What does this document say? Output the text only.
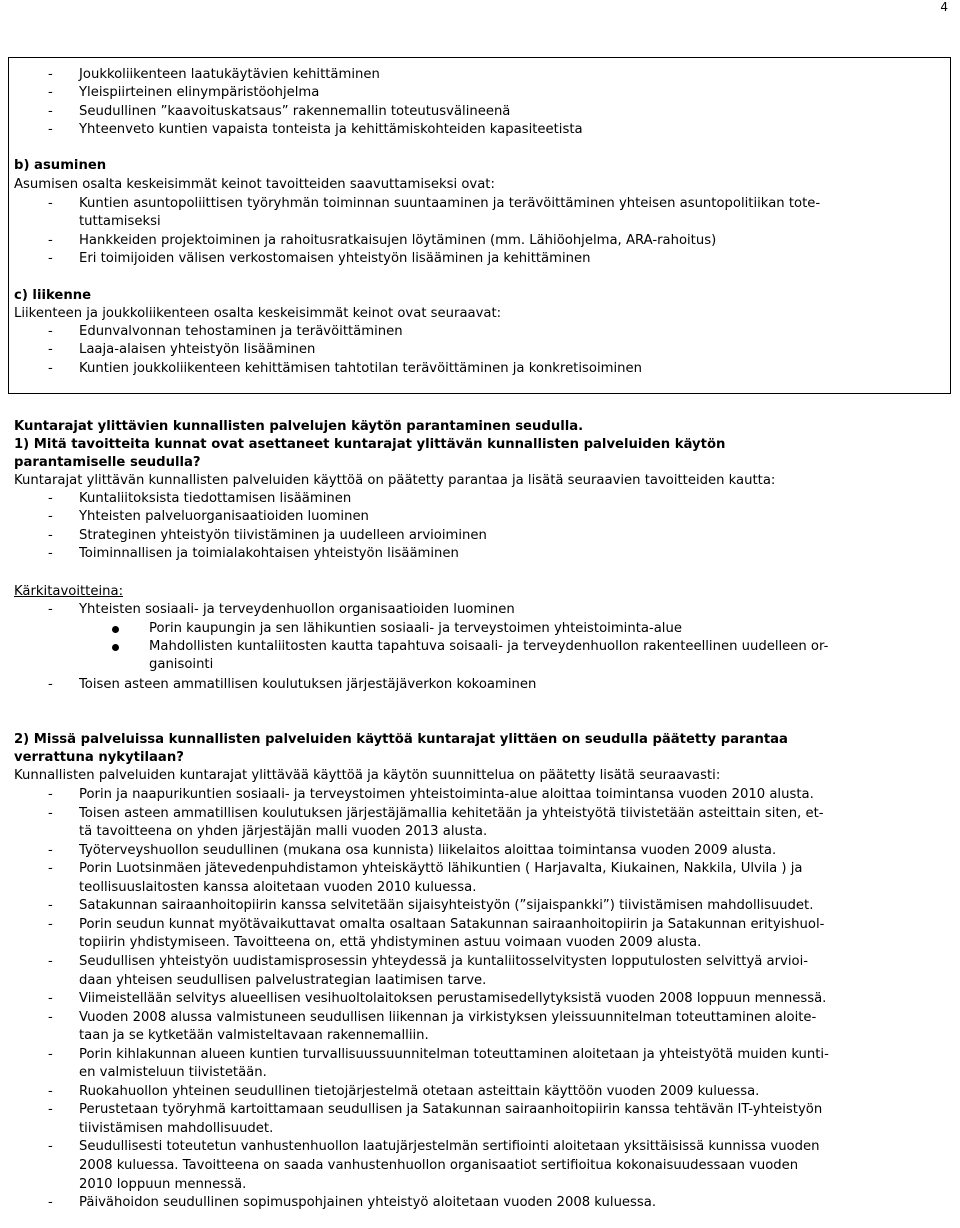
4
- Joukkoliikenteen laatukäytävien kehittäminen
- Yleispiirteinen elinympäristöohjelma
- Seudullinen ”kaavoituskatsaus” rakennemallin toteutusvälineenä
- Yhteenveto kuntien vapaista tonteista ja kehittämiskohteiden kapasiteetista
b) asuminen
Asumisen osalta keskeisimmät keinot tavoitteiden saavuttamiseksi ovat:
- Kuntien asuntopoliittisen työryhmän toiminnan suuntaaminen ja terävöittäminen yhteisen asuntopolitiikan tote-
tuttamiseksi
- Hankkeiden projektoiminen ja rahoitusratkaisujen löytäminen (mm. Lähiöohjelma, ARA-rahoitus)
- Eri toimijoiden välisen verkostomaisen yhteistyön lisääminen ja kehittäminen
c) liikenne
Liikenteen ja joukkoliikenteen osalta keskeisimmät keinot ovat seuraavat:
- Edunvalvonnan tehostaminen ja terävöittäminen
- Laaja-alaisen yhteistyön lisääminen
- Kuntien joukkoliikenteen kehittämisen tahtotilan terävöittäminen ja konkretisoiminen
Kuntarajat ylittävien kunnallisten palvelujen käytön parantaminen seudulla.
1) Mitä tavoitteita kunnat ovat asettaneet kuntarajat ylittävän kunnallisten palveluiden käytön
parantamiselle seudulla?
Kuntarajat ylittävän kunnallisten palveluiden käyttöä on päätetty parantaa ja lisätä seuraavien tavoitteiden kautta:
- Kuntaliitoksista tiedottamisen lisääminen
- Yhteisten palveluorganisaatioiden luominen
- Strateginen yhteistyön tiivistäminen ja uudelleen arvioiminen
- Toiminnallisen ja toimialakohtaisen yhteistyön lisääminen
Kärkitavoitteina:
- Yhteisten sosiaali- ja terveydenhuollon organisaatioiden luominen
Porin kaupungin ja sen lähikuntien sosiaali- ja terveystoimen yhteistoiminta-alue
Mahdollisten kuntaliitosten kautta tapahtuva soisaali- ja terveydenhuollon rakenteellinen uudelleen or-
ganisointi
- Toisen asteen ammatillisen koulutuksen järjestäjäverkon kokoaminen
2) Missä palveluissa kunnallisten palveluiden käyttöä kuntarajat ylittäen on seudulla päätetty parantaa
verrattuna nykytilaan?
Kunnallisten palveluiden kuntarajat ylittävää käyttöä ja käytön suunnittelua on päätetty lisätä seuraavasti:
- Porin ja naapurikuntien sosiaali- ja terveystoimen yhteistoiminta-alue aloittaa toimintansa vuoden 2010 alusta.
- Toisen asteen ammatillisen koulutuksen järjestäjämallia kehitetään ja yhteistyötä tiivistetään asteittain siten, et-
tä tavoitteena on yhden järjestäjän malli vuoden 2013 alusta.
- Työterveyshuollon seudullinen (mukana osa kunnista) liikelaitos aloittaa toimintansa vuoden 2009 alusta.
- Porin Luotsinmäen jätevedenpuhdistamon yhteiskäyttö lähikuntien ( Harjavalta, Kiukainen, Nakkila, Ulvila ) ja
teollisuuslaitosten kanssa aloitetaan vuoden 2010 kuluessa.
- Satakunnan sairaanhoitopiirin kanssa selvitetään sijaisyhteistyön (”sijaispankki”) tiivistämisen mahdollisuudet.
- Porin seudun kunnat myötävaikuttavat omalta osaltaan Satakunnan sairaanhoitopiirin ja Satakunnan erityishuol-
topiirin yhdistymiseen. Tavoitteena on, että yhdistyminen astuu voimaan vuoden 2009 alusta.
- Seudullisen yhteistyön uudistamisprosessin yhteydessä ja kuntaliitosselvitysten lopputulosten selvittyä arvioi-
daan yhteisen seudullisen palvelustrategian laatimisen tarve.
- Viimeistellään selvitys alueellisen vesihuoltolaitoksen perustamisedellytyksistä vuoden 2008 loppuun mennessä.
- Vuoden 2008 alussa valmistuneen seudullisen liikennan ja virkistyksen yleissuunnitelman toteuttaminen aloite-
taan ja se kytketään valmisteltavaan rakennemalliin.
- Porin kihlakunnan alueen kuntien turvallisuussuunnitelman toteuttaminen aloitetaan ja yhteistyötä muiden kunti-
en valmisteluun tiivistetään.
- Ruokahuollon yhteinen seudullinen tietojärjestelmä otetaan asteittain käyttöön vuoden 2009 kuluessa.
- Perustetaan työryhmä kartoittamaan seudullisen ja Satakunnan sairaanhoitopiirin kanssa tehtävän IT-yhteistyön
tiivistämisen mahdollisuudet.
- Seudullisesti toteutetun vanhustenhuollon laatujärjestelmän sertifiointi aloitetaan yksittäisissä kunnissa vuoden
2008 kuluessa. Tavoitteena on saada vanhustenhuollon organisaatiot sertifioitua kokonaisuudessaan vuoden
2010 loppuun mennessä.
- Päivähoidon seudullinen sopimuspohjainen yhteistyö aloitetaan vuoden 2008 kuluessa.
